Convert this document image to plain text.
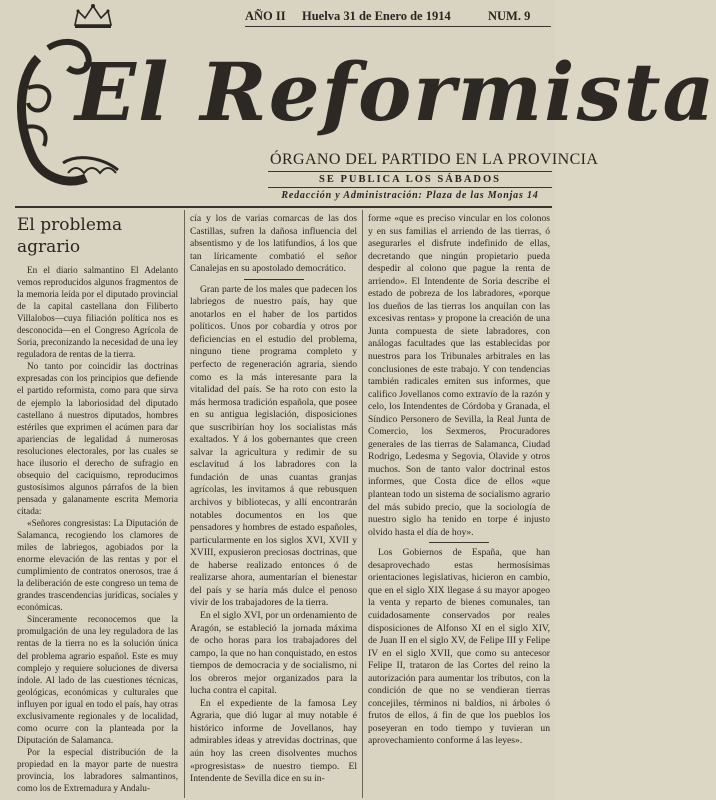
AÑO II Huelva 31 de Enero de 1914	NUM. 9
El Reformista
ÓRGANO DEL PARTIDO EN LA PROVINCIA
SE PUBLICA LOS SÁBADOS
Redacción y Administración: Plaza de las Monjas 14

El problema agrario

En el diario salmantino El Adelanto vemos reproducidos algunos fragmentos de la memoria leída por el diputado provincial de la capital castellana don Filiberto Villalobos—cuya filiación política nos es desconocida—en el Congreso Agrícola de Soria, preconizando la necesidad de una ley reguladora de rentas de la tierra.

No tanto por coincidir las doctrinas expresadas con los principios que defiende el partido reformista, como para que sirva de ejemplo la laboriosidad del diputado castellano á nuestros diputados, hombres estériles que exprimen el acúmen para dar apariencias de legalidad á numerosas resoluciones electorales, por las cuales se hace ilusorio el derecho de sufragio en obsequio del caciquismo, reproducimos gustosísimos algunos párrafos de la bien pensada y galanamente escrita Memoria citada:

«Señores congresistas: La Diputación de Salamanca, recogiendo los clamores de miles de labriegos, agobiados por la enorme elevación de las rentas y por el cumplimiento de contratos onerosos, trae á la deliberación de este congreso un tema de grandes trascendencias jurídicas, sociales y económicas.

Sinceramente reconocemos que la promulgación de una ley reguladora de las rentas de la tierra no es la solución única del problema agrario español. Este es muy complejo y requiere soluciones de diversa índole. Al lado de las cuestiones técnicas, geológicas, económicas y culturales que influyen por igual en todo el país, hay otras exclusivamente regionales y de localidad, como ocurre con la planteada por la Diputación de Salamanca.

Por la especial distribución de la propiedad en la mayor parte de nuestra provincia, los labradores salmantinos, como los de Extremadura y Andalu-

cía y los de varias comarcas de las dos Castillas, sufren la dañosa influencia del absentismo y de los latifundios, á los que tan líricamente combatió el señor Canalejas en su apostolado democrático.

Gran parte de los males que padecen los labriegos de nuestro país, hay que anotarlos en el haber de los partidos políticos. Unos por cobardía y otros por deficiencias en el estudio del problema, ninguno tiene programa completo y perfecto de regeneración agraria, siendo como es la más interesante para la vitalidad del país. Se ha roto con esto la más hermosa tradición española, que posee en su antigua legislación, disposiciones que suscribirían hoy los socialistas más exaltados. Y á los gobernantes que creen salvar la agricultura y redimir de su esclavitud á los labradores con la fundación de unas cuantas granjas agrícolas, les invitamos á que rebusquen archivos y bibliotecas, y allí encontrarán notables documentos en los que pensadores y hombres de estado españoles, particularmente en los siglos XVI, XVII y XVIII, expusieron preciosas doctrinas, que de haberse realizado entonces ó de realizarse ahora, aumentarían el bienestar del país y se haría más dulce el penoso vivir de los trabajadores de la tierra.

En el siglo XVI, por un ordenamiento de Aragón, se estableció la jornada máxima de ocho horas para los trabajadores del campo, la que no han conquistado, en estos tiempos de democracia y de socialismo, ni los obreros mejor organizados para la lucha contra el capital.

En el expediente de la famosa Ley Agraria, que dió lugar al muy notable é histórico informe de Jovellanos, hay admirables ideas y atrevidas doctrinas, que aún hoy las creen disolventes muchos «progresistas» de nuestro tiempo. El Intendente de Sevilla dice en su in-

forme «que es preciso vincular en los colonos y en sus familias el arriendo de las tierras, ó asegurarles el disfrute indefinido de ellas, decretando que ningún propietario pueda despedir al colono que pague la renta de arriendo». El Intendente de Soria describe el estado de pobreza de los labradores, «porque los dueños de las tierras los anquilan con las excesivas rentas» y propone la creación de una Junta compuesta de siete labradores, con análogas facultades que las establecidas por nuestros para los Tribunales arbitrales en las conclusiones de este trabajo. Y con tendencias también radicales emiten sus informes, que califico Jovellanos como extravío de la razón y celo, los Intendentes de Córdoba y Granada, el Síndico Personero de Sevilla, la Real Junta de Comercio, los Sexmeros, Procuradores generales de las tierras de Salamanca, Ciudad Rodrigo, Ledesma y Segovia, Olavide y otros muchos. Son de tanto valor doctrinal estos informes, que Costa dice de ellos «que plantean todo un sistema de socialismo agrario del más subido precio, que la sociología de nuestro siglo ha tenido en torpe é injusto olvido hasta el día de hoy».

Los Gobiernos de España, que han desaprovechado estas hermosísimas orientaciones legislativas, hicieron en cambio, que en el siglo XIX llegase á su mayor apogeo la venta y reparto de bienes comunales, tan cuidadosamente conservados por reales disposiciones de Alfonso XI en el siglo XIV, de Juan II en el siglo XV, de Felipe III y Felipe IV en el siglo XVII, que como su antecesor Felipe II, trataron de las Cortes del reino la autorización para aumentar los tributos, con la condición de que no se vendieran tierras concejiles, términos ni baldíos, ni árboles ó frutos de ellos, á fin de que los pueblos los poseyeran en todo tiempo y tuvieran un aprovechamiento conforme á las leyes».
